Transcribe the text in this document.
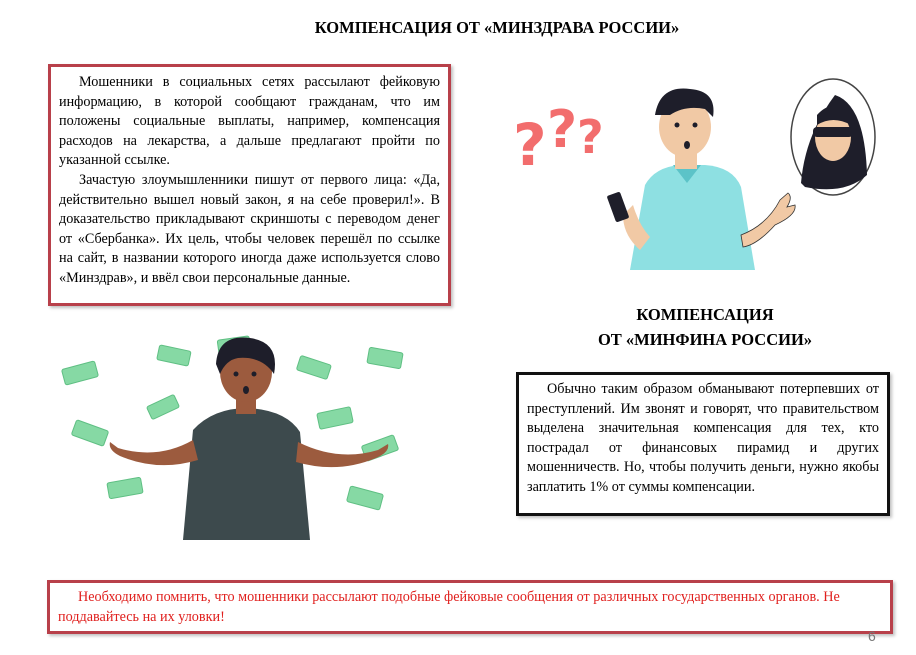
КОМПЕНСАЦИЯ ОТ «МИНЗДРАВА РОССИИ»

Мошенники в социальных сетях рассылают фейковую информацию, в которой сообщают гражданам, что им положены социальные выплаты, например, компенсация расходов на лекарства, а дальше предлагают пройти по указанной ссылке.

Зачастую злоумышленники пишут от первого лица: «Да, действительно вышел новый закон, я на себе проверил!». В доказательство прикладывают скриншоты с переводом денег от «Сбербанка». Их цель, чтобы человек перешёл по ссылке на сайт, в названии которого иногда даже используется слово «Минздрав», и ввёл свои персональные данные.

? ? ?
КОМПЕНСАЦИЯ
ОТ «МИНФИНА РОССИИ»

Обычно таким образом обманывают потерпевших от преступлений. Им звонят и говорят, что правительством выделена значительная компенсация для тех, кто пострадал от финансовых пирамид и других мошенничеств. Но, чтобы получить деньги, нужно якобы заплатить 1% от суммы компенсации.

Необходимо помнить, что мошенники рассылают подобные фейковые сообщения от различных государственных органов. Не поддавайтесь на их уловки!

6
